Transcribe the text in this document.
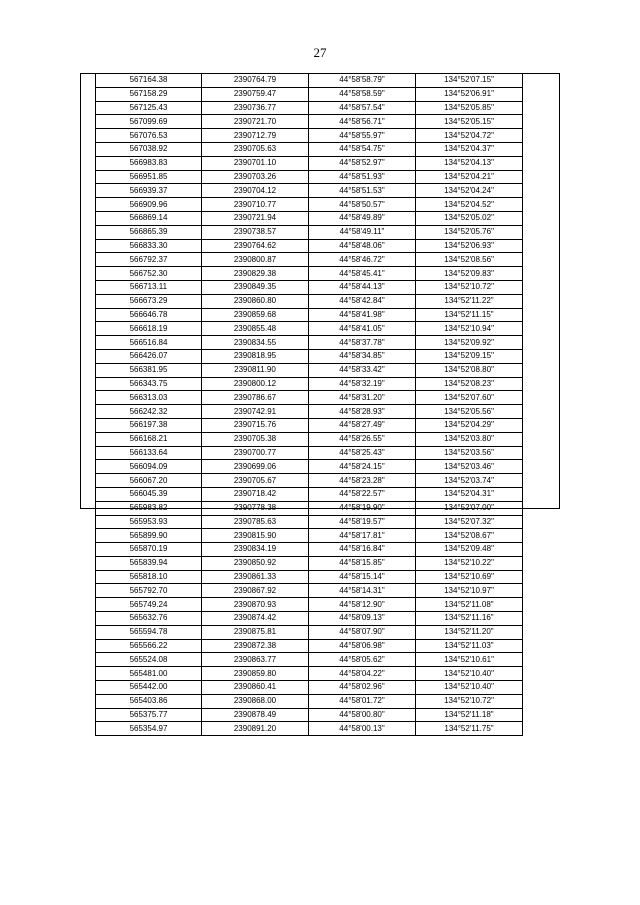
27
567164.38	2390764.79	44°58'58.79"	134°52'07.15"
567158.29	2390759.47	44°58'58.59"	134°52'06.91"
567125.43	2390736.77	44°58'57.54"	134°52'05.85"
567099.69	2390721.70	44°58'56.71"	134°52'05.15"
567076.53	2390712.79	44°58'55.97"	134°52'04.72"
567038.92	2390705.63	44°58'54.75"	134°52'04.37"
566983.83	2390701.10	44°58'52.97"	134°52'04.13"
566951.85	2390703.26	44°58'51.93"	134°52'04.21"
566939.37	2390704.12	44°58'51.53"	134°52'04.24"
566909.96	2390710.77	44°58'50.57"	134°52'04.52"
566869.14	2390721.94	44°58'49.89"	134°52'05.02"
566865.39	2390738.57	44°58'49.11"	134°52'05.76"
566833.30	2390764.62	44°58'48.06"	134°52'06.93"
566792.37	2390800.87	44°58'46.72"	134°52'08.56"
566752.30	2390829.38	44°58'45.41"	134°52'09.83"
566713.11	2390849.35	44°58'44.13"	134°52'10.72"
566673.29	2390860.80	44°58'42.84"	134°52'11.22"
566646.78	2390859.68	44°58'41.98"	134°52'11.15"
566618.19	2390855.48	44°58'41.05"	134°52'10.94"
566516.84	2390834.55	44°58'37.78"	134°52'09.92"
566426.07	2390818.95	44°58'34.85"	134°52'09.15"
566381.95	2390811.90	44°58'33.42"	134°52'08.80"
566343.75	2390800.12	44°58'32.19"	134°52'08.23"
566313.03	2390786.67	44°58'31.20"	134°52'07.60"
566242.32	2390742.91	44°58'28.93"	134°52'05.56"
566197.38	2390715.76	44°58'27.49"	134°52'04.29"
566168.21	2390705.38	44°58'26.55"	134°52'03.80"
566133.64	2390700.77	44°58'25.43"	134°52'03.56"
566094.09	2390699.06	44°58'24.15"	134°52'03.46"
566067.20	2390705.67	44°58'23.28"	134°52'03.74"
566045.39	2390718.42	44°58'22.57"	134°52'04.31"
565983.82	2390778.38	44°58'19.90"	134°52'07.00"
565953.93	2390785.63	44°58'19.57"	134°52'07.32"
565899.90	2390815.90	44°58'17.81"	134°52'08.67"
565870.19	2390834.19	44°58'16.84"	134°52'09.48"
565839.94	2390850.92	44°58'15.85"	134°52'10.22"
565818.10	2390861.33	44°58'15.14"	134°52'10.69"
565792.70	2390867.92	44°58'14.31"	134°52'10.97"
565749.24	2390870.93	44°58'12.90"	134°52'11.08"
565632.76	2390874.42	44°58'09.13"	134°52'11.16"
565594.78	2390875.81	44°58'07.90"	134°52'11.20"
565566.22	2390872.38	44°58'06.98"	134°52'11.03"
565524.08	2390863.77	44°58'05.62"	134°52'10.61"
565481.00	2390859.80	44°58'04.22"	134°52'10.40"
565442.00	2390860.41	44°58'02.96"	134°52'10.40"
565403.86	2390868.00	44°58'01.72"	134°52'10.72"
565375.77	2390878.49	44°58'00.80"	134°52'11.18"
565354.97	2390891.20	44°58'00.13"	134°52'11.75"
